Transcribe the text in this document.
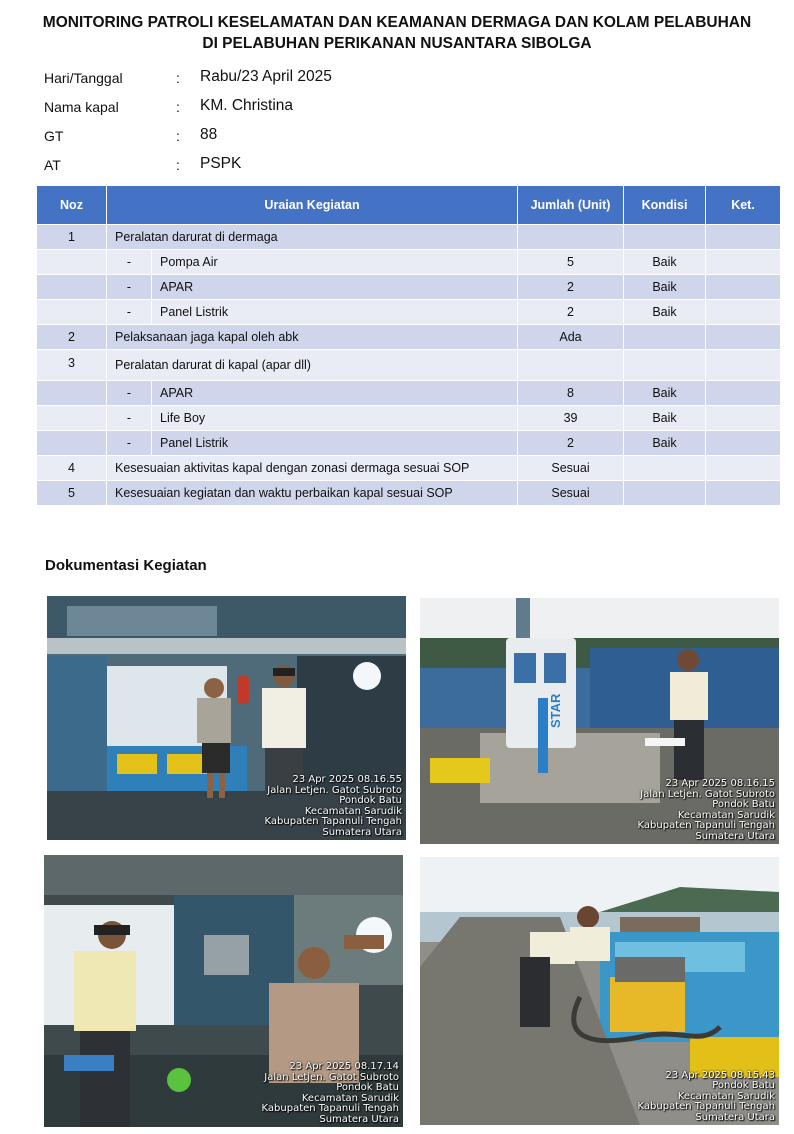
MONITORING PATROLI KESELAMATAN DAN KEAMANAN DERMAGA DAN KOLAM PELABUHAN
DI PELABUHAN PERIKANAN NUSANTARA SIBOLGA
Hari/Tanggal	: Rabu/23 April 2025
Nama kapal	: KM. Christina
GT	: 88
AT	: PSPK
Noz	Uraian Kegiatan		Jumlah (Unit)	Kondisi	Ket.
1	Peralatan darurat di dermaga				
	-	Pompa Air	5	Baik	
	-	APAR	2	Baik	
	-	Panel Listrik	2	Baik	
2	Pelaksanaan jaga kapal oleh abk		Ada		
3	Peralatan darurat di kapal (apar dll)				
	-	APAR	8	Baik	
	-	Life Boy	39	Baik	
	-	Panel Listrik	2	Baik	
4	Kesesuaian aktivitas kapal dengan zonasi dermaga sesuai SOP		Sesuai		
5	Kesesuaian kegiatan dan waktu perbaikan kapal sesuai SOP		Sesuai		
Dokumentasi Kegiatan
23 Apr 2025 08.16.55
Jalan Letjen. Gatot Subroto
Pondok Batu
Kecamatan Sarudik
Kabupaten Tapanuli Tengah
Sumatera Utara
STAR
23 Apr 2025 08.16.15
Jalan Letjen. Gatot Subroto
Pondok Batu
Kecamatan Sarudik
Kabupaten Tapanuli Tengah
Sumatera Utara
23 Apr 2025 08.17.14
Jalan Letjen. Gatot Subroto
Pondok Batu
Kecamatan Sarudik
Kabupaten Tapanuli Tengah
Sumatera Utara
23 Apr 2025 08.15.43
Pondok Batu
Kecamatan Sarudik
Kabupaten Tapanuli Tengah
Sumatera Utara
